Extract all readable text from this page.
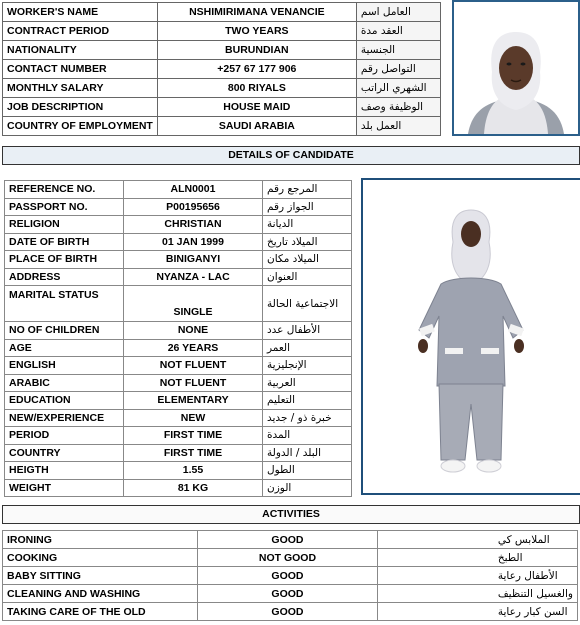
WORKER'S NAME	NSHIMIRIMANA VENANCIE	العامل اسم
CONTRACT PERIOD	TWO YEARS	العقد مدة
NATIONALITY	BURUNDIAN	الجنسية
CONTACT NUMBER	+257 67 177 906	التواصل رقم
MONTHLY SALARY	800 RIYALS	الشهري الراتب
JOB DESCRIPTION	HOUSE MAID	الوظيفة وصف
COUNTRY OF EMPLOYMENT	SAUDI ARABIA	العمل بلد
DETAILS OF CANDIDATE
REFERENCE NO.	ALN0001	المرجع رقم
PASSPORT NO.	P00195656	الجواز رقم
RELIGION	CHRISTIAN	الديانة
DATE OF BIRTH	01 JAN 1999	الميلاد تاريخ
PLACE OF BIRTH	BINIGANYI	الميلاد مكان
ADDRESS	NYANZA - LAC	العنوان
MARITAL STATUS	SINGLE	الاجتماعية الحالة
NO OF CHILDREN	NONE	الأطفال عدد
AGE	26 YEARS	العمر
ENGLISH	NOT FLUENT	الإنجليزية
ARABIC	NOT FLUENT	العربية
EDUCATION	ELEMENTARY	التعليم
NEW/EXPERIENCE	NEW	خبرة ذو / جديد
PERIOD	FIRST TIME	المدة
COUNTRY	FIRST TIME	البلد / الدولة
HEIGTH	1.55	الطول
WEIGHT	81 KG	الوزن
ACTIVITIES
IRONING	GOOD	الملابس كي
COOKING	NOT GOOD	الطبخ
BABY SITTING	GOOD	الأطفال رعاية
CLEANING AND WASHING	GOOD	والغسيل التنظيف
TAKING CARE OF THE OLD	GOOD	السن كبار رعاية
